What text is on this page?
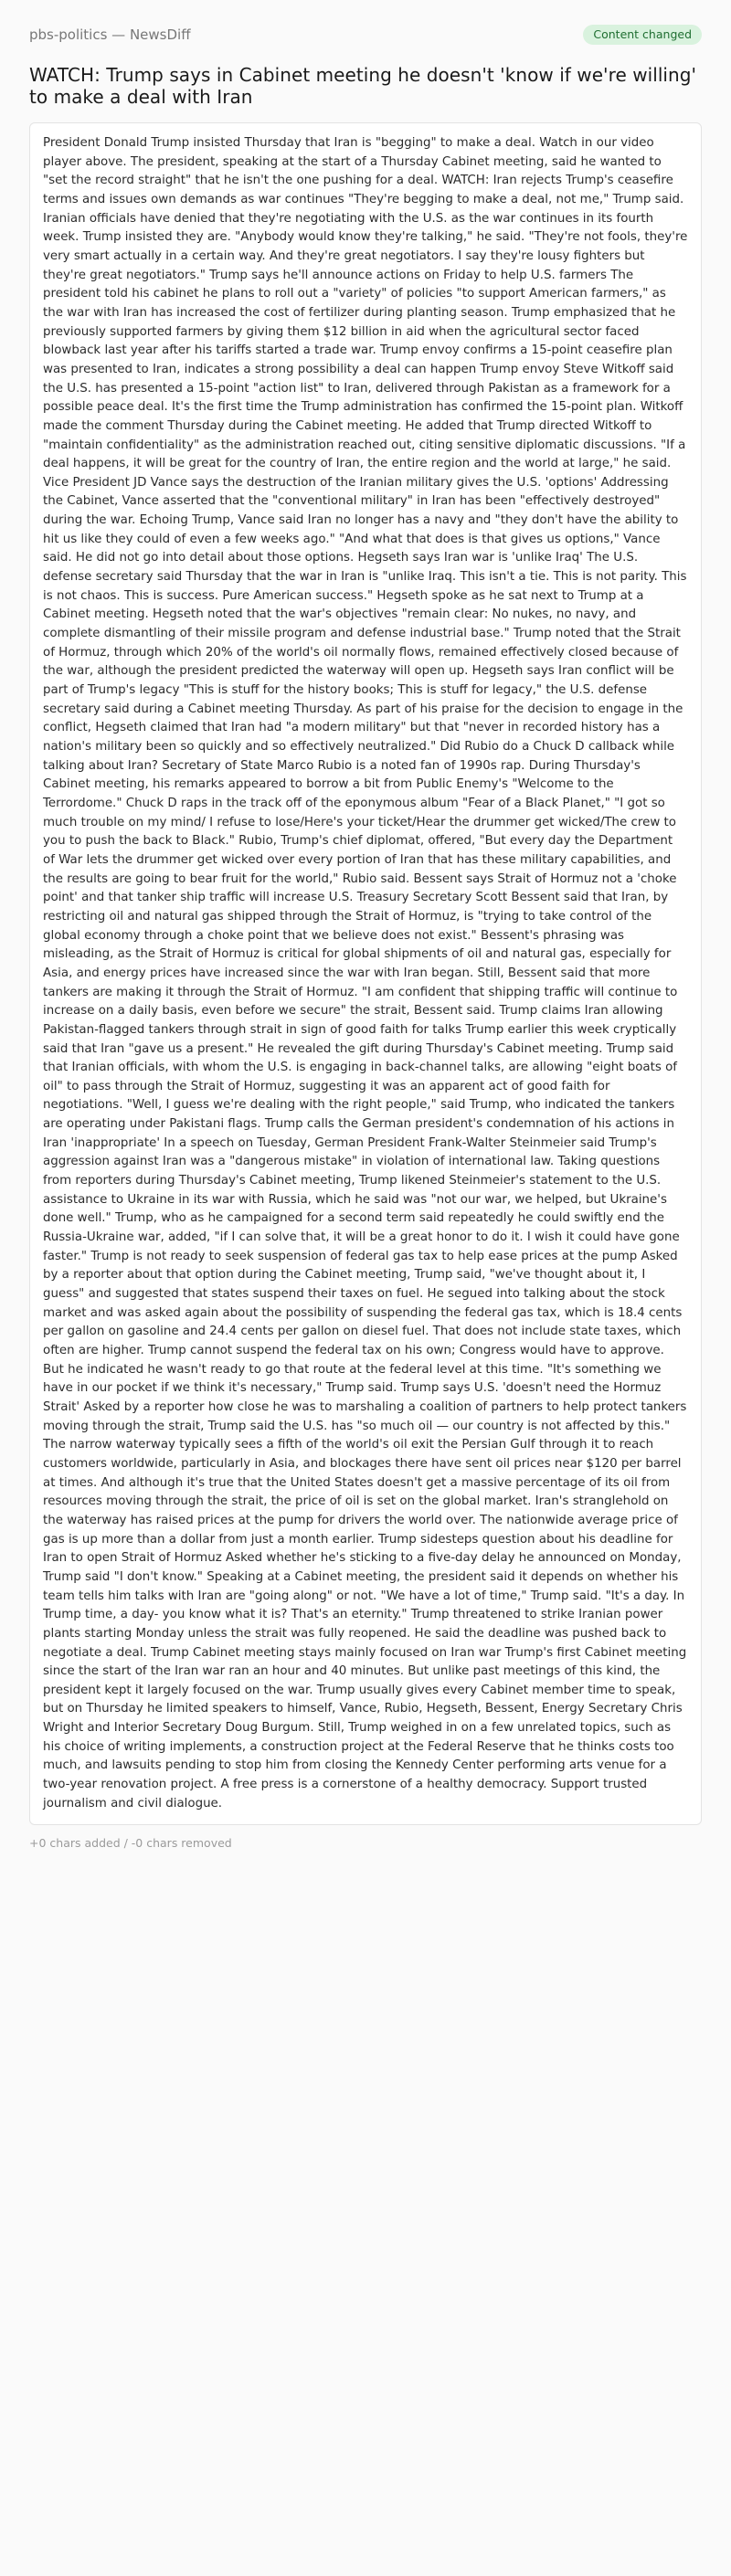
pbs-politics — NewsDiff	Content changed
WATCH: Trump says in Cabinet meeting he doesn't 'know if we're willing' to make a deal with Iran

President Donald Trump insisted Thursday that Iran is "begging" to make a deal. Watch in our video player above. The president, speaking at the start of a Thursday Cabinet meeting, said he wanted to "set the record straight" that he isn't the one pushing for a deal. WATCH: Iran rejects Trump's ceasefire terms and issues own demands as war continues "They're begging to make a deal, not me," Trump said. Iranian officials have denied that they're negotiating with the U.S. as the war continues in its fourth week. Trump insisted they are. "Anybody would know they're talking," he said. "They're not fools, they're very smart actually in a certain way. And they're great negotiators. I say they're lousy fighters but they're great negotiators." Trump says he'll announce actions on Friday to help U.S. farmers The president told his cabinet he plans to roll out a "variety" of policies "to support American farmers," as the war with Iran has increased the cost of fertilizer during planting season. Trump emphasized that he previously supported farmers by giving them $12 billion in aid when the agricultural sector faced blowback last year after his tariffs started a trade war. Trump envoy confirms a 15-point ceasefire plan was presented to Iran, indicates a strong possibility a deal can happen Trump envoy Steve Witkoff said the U.S. has presented a 15-point "action list" to Iran, delivered through Pakistan as a framework for a possible peace deal. It's the first time the Trump administration has confirmed the 15-point plan. Witkoff made the comment Thursday during the Cabinet meeting. He added that Trump directed Witkoff to "maintain confidentiality" as the administration reached out, citing sensitive diplomatic discussions. "If a deal happens, it will be great for the country of Iran, the entire region and the world at large," he said. Vice President JD Vance says the destruction of the Iranian military gives the U.S. 'options' Addressing the Cabinet, Vance asserted that the "conventional military" in Iran has been "effectively destroyed" during the war. Echoing Trump, Vance said Iran no longer has a navy and "they don't have the ability to hit us like they could of even a few weeks ago." "And what that does is that gives us options," Vance said. He did not go into detail about those options. Hegseth says Iran war is 'unlike Iraq' The U.S. defense secretary said Thursday that the war in Iran is "unlike Iraq. This isn't a tie. This is not parity. This is not chaos. This is success. Pure American success." Hegseth spoke as he sat next to Trump at a Cabinet meeting. Hegseth noted that the war's objectives "remain clear: No nukes, no navy, and complete dismantling of their missile program and defense industrial base." Trump noted that the Strait of Hormuz, through which 20% of the world's oil normally flows, remained effectively closed because of the war, although the president predicted the waterway will open up. Hegseth says Iran conflict will be part of Trump's legacy "This is stuff for the history books; This is stuff for legacy," the U.S. defense secretary said during a Cabinet meeting Thursday. As part of his praise for the decision to engage in the conflict, Hegseth claimed that Iran had "a modern military" but that "never in recorded history has a nation's military been so quickly and so effectively neutralized." Did Rubio do a Chuck D callback while talking about Iran? Secretary of State Marco Rubio is a noted fan of 1990s rap. During Thursday's Cabinet meeting, his remarks appeared to borrow a bit from Public Enemy's "Welcome to the Terrordome." Chuck D raps in the track off of the eponymous album "Fear of a Black Planet," "I got so much trouble on my mind/ I refuse to lose/Here's your ticket/Hear the drummer get wicked/The crew to you to push the back to Black." Rubio, Trump's chief diplomat, offered, "But every day the Department of War lets the drummer get wicked over every portion of Iran that has these military capabilities, and the results are going to bear fruit for the world," Rubio said. Bessent says Strait of Hormuz not a 'choke point' and that tanker ship traffic will increase U.S. Treasury Secretary Scott Bessent said that Iran, by restricting oil and natural gas shipped through the Strait of Hormuz, is "trying to take control of the global economy through a choke point that we believe does not exist." Bessent's phrasing was misleading, as the Strait of Hormuz is critical for global shipments of oil and natural gas, especially for Asia, and energy prices have increased since the war with Iran began. Still, Bessent said that more tankers are making it through the Strait of Hormuz. "I am confident that shipping traffic will continue to increase on a daily basis, even before we secure" the strait, Bessent said. Trump claims Iran allowing Pakistan-flagged tankers through strait in sign of good faith for talks Trump earlier this week cryptically said that Iran "gave us a present." He revealed the gift during Thursday's Cabinet meeting. Trump said that Iranian officials, with whom the U.S. is engaging in back-channel talks, are allowing "eight boats of oil" to pass through the Strait of Hormuz, suggesting it was an apparent act of good faith for negotiations. "Well, I guess we're dealing with the right people," said Trump, who indicated the tankers are operating under Pakistani flags. Trump calls the German president's condemnation of his actions in Iran 'inappropriate' In a speech on Tuesday, German President Frank-Walter Steinmeier said Trump's aggression against Iran was a "dangerous mistake" in violation of international law. Taking questions from reporters during Thursday's Cabinet meeting, Trump likened Steinmeier's statement to the U.S. assistance to Ukraine in its war with Russia, which he said was "not our war, we helped, but Ukraine's done well." Trump, who as he campaigned for a second term said repeatedly he could swiftly end the Russia-Ukraine war, added, "if I can solve that, it will be a great honor to do it. I wish it could have gone faster." Trump is not ready to seek suspension of federal gas tax to help ease prices at the pump Asked by a reporter about that option during the Cabinet meeting, Trump said, "we've thought about it, I guess" and suggested that states suspend their taxes on fuel. He segued into talking about the stock market and was asked again about the possibility of suspending the federal gas tax, which is 18.4 cents per gallon on gasoline and 24.4 cents per gallon on diesel fuel. That does not include state taxes, which often are higher. Trump cannot suspend the federal tax on his own; Congress would have to approve. But he indicated he wasn't ready to go that route at the federal level at this time. "It's something we have in our pocket if we think it's necessary," Trump said. Trump says U.S. 'doesn't need the Hormuz Strait' Asked by a reporter how close he was to marshaling a coalition of partners to help protect tankers moving through the strait, Trump said the U.S. has "so much oil — our country is not affected by this." The narrow waterway typically sees a fifth of the world's oil exit the Persian Gulf through it to reach customers worldwide, particularly in Asia, and blockages there have sent oil prices near $120 per barrel at times. And although it's true that the United States doesn't get a massive percentage of its oil from resources moving through the strait, the price of oil is set on the global market. Iran's stranglehold on the waterway has raised prices at the pump for drivers the world over. The nationwide average price of gas is up more than a dollar from just a month earlier. Trump sidesteps question about his deadline for Iran to open Strait of Hormuz Asked whether he's sticking to a five-day delay he announced on Monday, Trump said "I don't know." Speaking at a Cabinet meeting, the president said it depends on whether his team tells him talks with Iran are "going along" or not. "We have a lot of time," Trump said. "It's a day. In Trump time, a day- you know what it is? That's an eternity." Trump threatened to strike Iranian power plants starting Monday unless the strait was fully reopened. He said the deadline was pushed back to negotiate a deal. Trump Cabinet meeting stays mainly focused on Iran war Trump's first Cabinet meeting since the start of the Iran war ran an hour and 40 minutes. But unlike past meetings of this kind, the president kept it largely focused on the war. Trump usually gives every Cabinet member time to speak, but on Thursday he limited speakers to himself, Vance, Rubio, Hegseth, Bessent, Energy Secretary Chris Wright and Interior Secretary Doug Burgum. Still, Trump weighed in on a few unrelated topics, such as his choice of writing implements, a construction project at the Federal Reserve that he thinks costs too much, and lawsuits pending to stop him from closing the Kennedy Center performing arts venue for a two-year renovation project. A free press is a cornerstone of a healthy democracy. Support trusted journalism and civil dialogue.

+0 chars added / -0 chars removed
